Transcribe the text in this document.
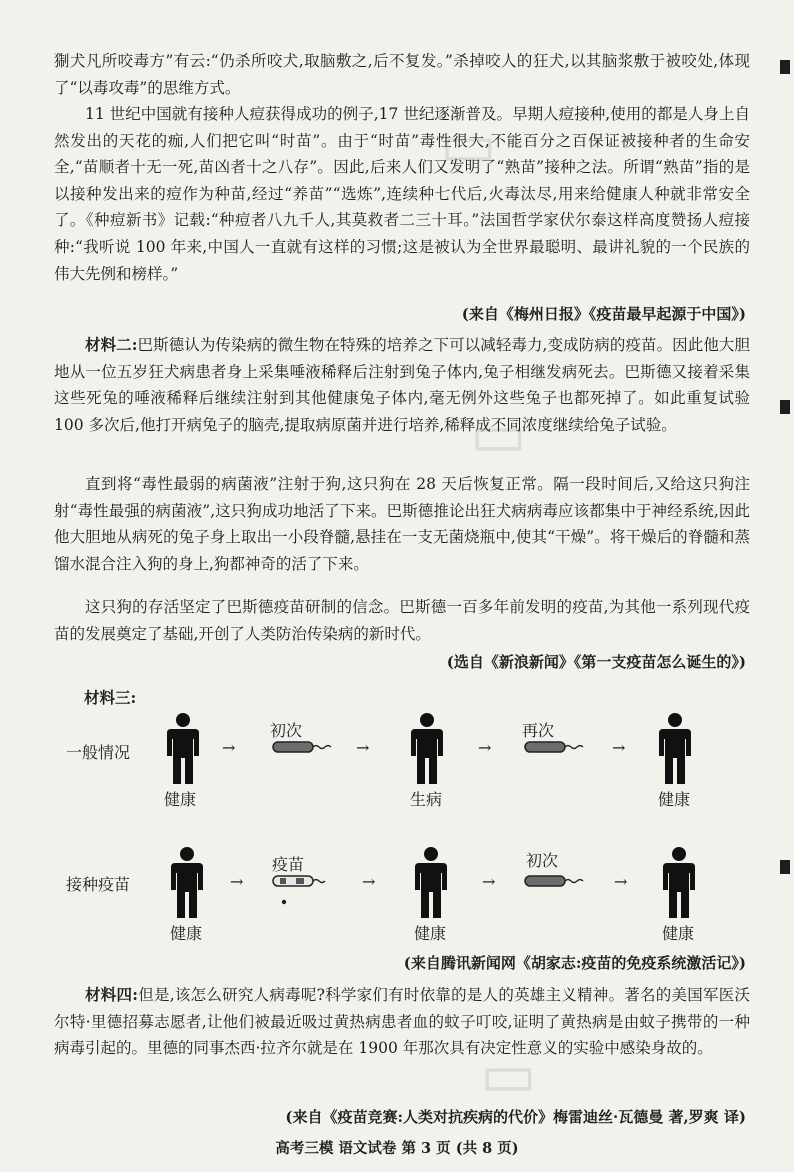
▭
▭
▭

猘犬凡所咬毒方”有云:“仍杀所咬犬,取脑敷之,后不复发。”杀掉咬人的狂犬,以其脑浆敷于被咬处,体现了“以毒攻毒”的思维方式。

11 世纪中国就有接种人痘获得成功的例子,17 世纪逐渐普及。早期人痘接种,使用的都是人身上自然发出的天花的痂,人们把它叫“时苗”。由于“时苗”毒性很大,不能百分之百保证被接种者的生命安全,“苗顺者十无一死,苗凶者十之八存”。因此,后来人们又发明了“熟苗”接种之法。所谓“熟苗”指的是以接种发出来的痘作为种苗,经过“养苗”“选炼”,连续种七代后,火毒汰尽,用来给健康人种就非常安全了。《种痘新书》记载:“种痘者八九千人,其莫救者二三十耳。”法国哲学家伏尔泰这样高度赞扬人痘接种:“我听说 100 年来,中国人一直就有这样的习惯;这是被认为全世界最聪明、最讲礼貌的一个民族的伟大先例和榜样。”

(来自《梅州日报》《疫苗最早起源于中国》)

材料二:巴斯德认为传染病的微生物在特殊的培养之下可以减轻毒力,变成防病的疫苗。因此他大胆地从一位五岁狂犬病患者身上采集唾液稀释后注射到兔子体内,兔子相继发病死去。巴斯德又接着采集这些死兔的唾液稀释后继续注射到其他健康兔子体内,毫无例外这些兔子也都死掉了。如此重复试验 100 多次后,他打开病兔子的脑壳,提取病原菌并进行培养,稀释成不同浓度继续给兔子试验。

直到将“毒性最弱的病菌液”注射于狗,这只狗在 28 天后恢复正常。隔一段时间后,又给这只狗注射“毒性最强的病菌液”,这只狗成功地活了下来。巴斯德推论出狂犬病病毒应该都集中于神经系统,因此他大胆地从病死的兔子身上取出一小段脊髓,悬挂在一支无菌烧瓶中,使其“干燥”。将干燥后的脊髓和蒸馏水混合注入狗的身上,狗都神奇的活了下来。

这只狗的存活坚定了巴斯德疫苗研制的信念。巴斯德一百多年前发明的疫苗,为其他一系列现代疫苗的发展奠定了基础,开创了人类防治传染病的新时代。

(选自《新浪新闻》《第一支疫苗怎么诞生的》)

材料三:
一般情况
健康
→
初次
→
生病
→
再次
→
健康
接种疫苗
健康
→
疫苗
→
健康
→
初次
→
健康

(来自腾讯新闻网《胡家志:疫苗的免疫系统激活记》)

材料四:但是,该怎么研究人病毒呢?科学家们有时依靠的是人的英雄主义精神。著名的美国军医沃尔特·里德招募志愿者,让他们被最近吸过黄热病患者血的蚊子叮咬,证明了黄热病是由蚊子携带的一种病毒引起的。里德的同事杰西·拉齐尔就是在 1900 年那次具有决定性意义的实验中感染身故的。

(来自《疫苗竞赛:人类对抗疾病的代价》梅雷迪丝·瓦德曼 著,罗爽 译)

高考三模 语文试卷 第 3 页 (共 8 页)
